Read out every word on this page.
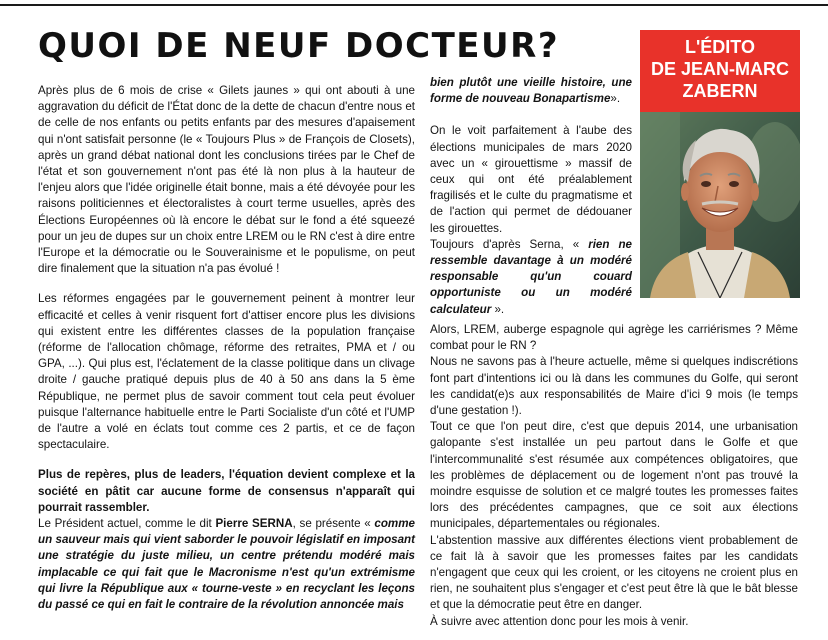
QUOI DE NEUF DOCTEUR?	L'ÉDITO
DE JEAN-MARC
ZABERN

Après plus de 6 mois de crise « Gilets jaunes » qui ont abouti à une aggravation du déficit de l'État donc de la dette de chacun d'entre nous et de celle de nos enfants ou petits enfants par des mesures d'apaisement qui n'ont satisfait personne (le « Toujours Plus » de François de Closets), après un grand débat national dont les conclusions tirées par le Chef de l'état et son gouvernement n'ont pas été là non plus à la hauteur de l'enjeu alors que l'idée originelle était bonne, mais a été dévoyée pour les raisons politiciennes et électoralistes à court terme usuelles, après des Élections Européennes où là encore le débat sur le fond a été squeezé pour un jeu de dupes sur un choix entre LREM ou le RN c'est à dire entre l'Europe et la démocratie ou le Souverainisme et le populisme, on peut dire finalement que la situation n'a pas évolué !

Les réformes engagées par le gouvernement peinent à montrer leur efficacité et celles à venir risquent fort d'attiser encore plus les divisions qui existent entre les différentes classes de la population française (réforme de l'allocation chômage, réforme des retraites, PMA et / ou GPA, ...). Qui plus est, l'éclatement de la classe politique dans un clivage droite / gauche pratiqué depuis plus de 40 à 50 ans dans la 5 ème République, ne permet plus de savoir comment tout cela peut évoluer puisque l'alternance habituelle entre le Parti Socialiste d'un côté et l'UMP de l'autre a volé en éclats tout comme ces 2 partis, et ce de façon spectaculaire.

Plus de repères, plus de leaders, l'équation devient complexe et la société en pâtit car aucune forme de consensus n'apparaît qui pourrait rassembler.

Le Président actuel, comme le dit Pierre SERNA, se présente « comme un sauveur mais qui vient saborder le pouvoir législatif en imposant une stratégie du juste milieu, un centre prétendu modéré mais implacable ce qui fait que le Macronisme n'est qu'un extrémisme qui livre la République aux « tourne-veste » en recyclant les leçons du passé ce qui en fait le contraire de la révolution annoncée mais

bien plutôt une vieille histoire, une forme de nouveau Bonapartisme».

On le voit parfaitement à l'aube des élections municipales de mars 2020 avec un « girouettisme » massif de ceux qui ont été préalablement fragilisés et le culte du pragmatisme et de l'action qui permet de dédouaner les girouettes.

Toujours d'après Serna, « rien ne ressemble davantage à un modéré responsable qu'un couard opportuniste ou un modéré calculateur ».

Alors, LREM, auberge espagnole qui agrège les carriérismes ? Même combat pour le RN ?

Nous ne savons pas à l'heure actuelle, même si quelques indiscrétions font part d'intentions ici ou là dans les communes du Golfe, qui seront les candidat(e)s aux responsabilités de Maire d'ici 9 mois (le temps d'une gestation !).

Tout ce que l'on peut dire, c'est que depuis 2014, une urbanisation galopante s'est installée un peu partout dans le Golfe et que l'intercommunalité s'est résumée aux compétences obligatoires, que les problèmes de déplacement ou de logement n'ont pas trouvé la moindre esquisse de solution et ce malgré toutes les promesses faites lors des précédentes campagnes, que ce soit aux élections municipales, départementales ou régionales.

L'abstention massive aux différentes élections vient probablement de ce fait là à savoir que les promesses faites par les candidats n'engagent que ceux qui les croient, or les citoyens ne croient plus en rien, ne souhaitent plus s'engager et c'est peut être là que le bât blesse et que la démocratie peut être en danger.

À suivre avec attention donc pour les mois à venir.
